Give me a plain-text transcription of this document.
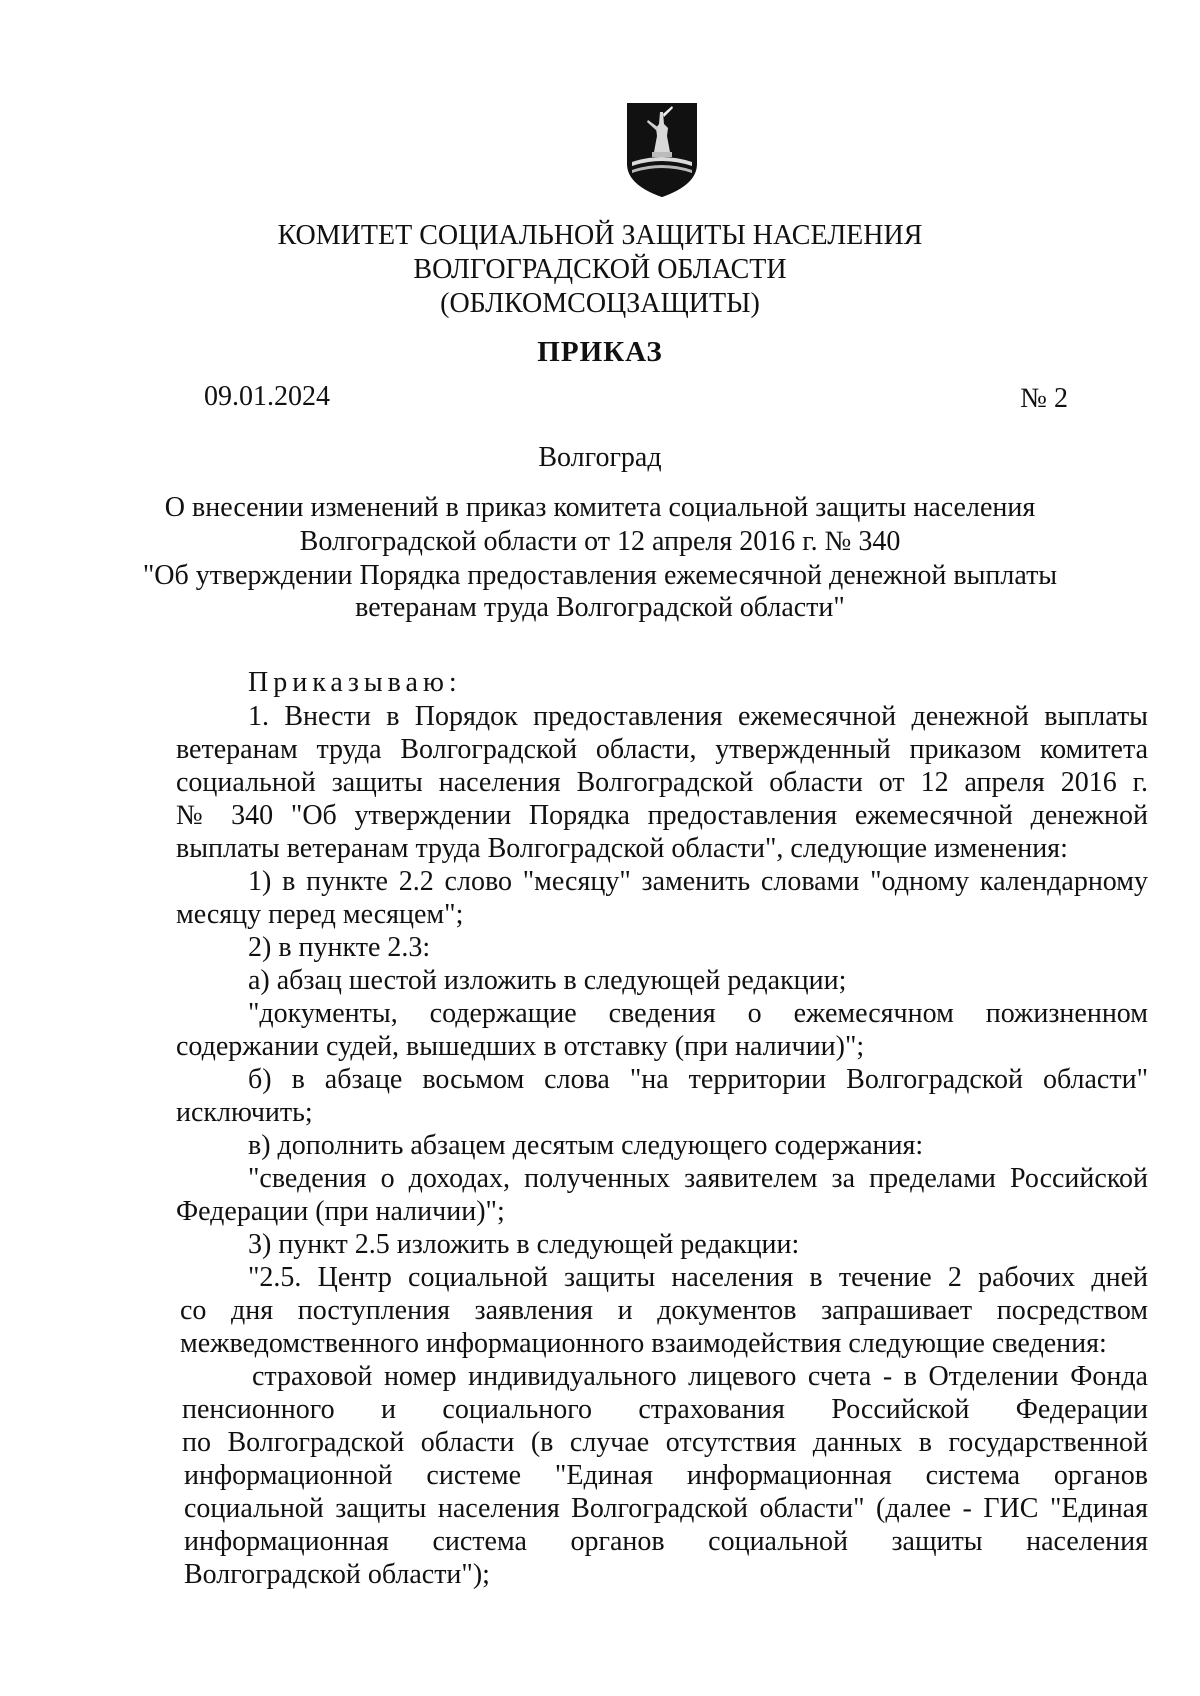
КОМИТЕТ СОЦИАЛЬНОЙ ЗАЩИТЫ НАСЕЛЕНИЯ
ВОЛГОГРАДСКОЙ ОБЛАСТИ
(ОБЛКОМСОЦЗАЩИТЫ)
ПРИКАЗ
09.01.2024	№ 2
Волгоград
О внесении изменений в приказ комитета социальной защиты населения
Волгоградской области от 12 апреля 2016 г. № 340
"Об утверждении Порядка предоставления ежемесячной денежной выплаты
ветеранам труда Волгоградской области"
Приказываю:
1. Внести в Порядок предоставления ежемесячной денежной выплаты
ветеранам труда Волгоградской области, утвержденный приказом комитета
социальной защиты населения Волгоградской области от 12 апреля 2016 г.
№ 340 "Об утверждении Порядка предоставления ежемесячной денежной
выплаты ветеранам труда Волгоградской области", следующие изменения:
1) в пункте 2.2 слово "месяцу" заменить словами "одному календарному
месяцу перед месяцем";
2) в пункте 2.3:
а) абзац шестой изложить в следующей редакции;
"документы, содержащие сведения о ежемесячном пожизненном
содержании судей, вышедших в отставку (при наличии)";
б) в абзаце восьмом слова "на территории Волгоградской области"
исключить;
в) дополнить абзацем десятым следующего содержания:
"сведения о доходах, полученных заявителем за пределами Российской
Федерации (при наличии)";
3) пункт 2.5 изложить в следующей редакции:
"2.5. Центр социальной защиты населения в течение 2 рабочих дней
со дня поступления заявления и документов запрашивает посредством
межведомственного информационного взаимодействия следующие сведения:
страховой номер индивидуального лицевого счета - в Отделении Фонда
пенсионного и социального страхования Российской Федерации
по Волгоградской области (в случае отсутствия данных в государственной
информационной системе "Единая информационная система органов
социальной защиты населения Волгоградской области" (далее - ГИС "Единая
информационная система органов социальной защиты населения
Волгоградской области");
